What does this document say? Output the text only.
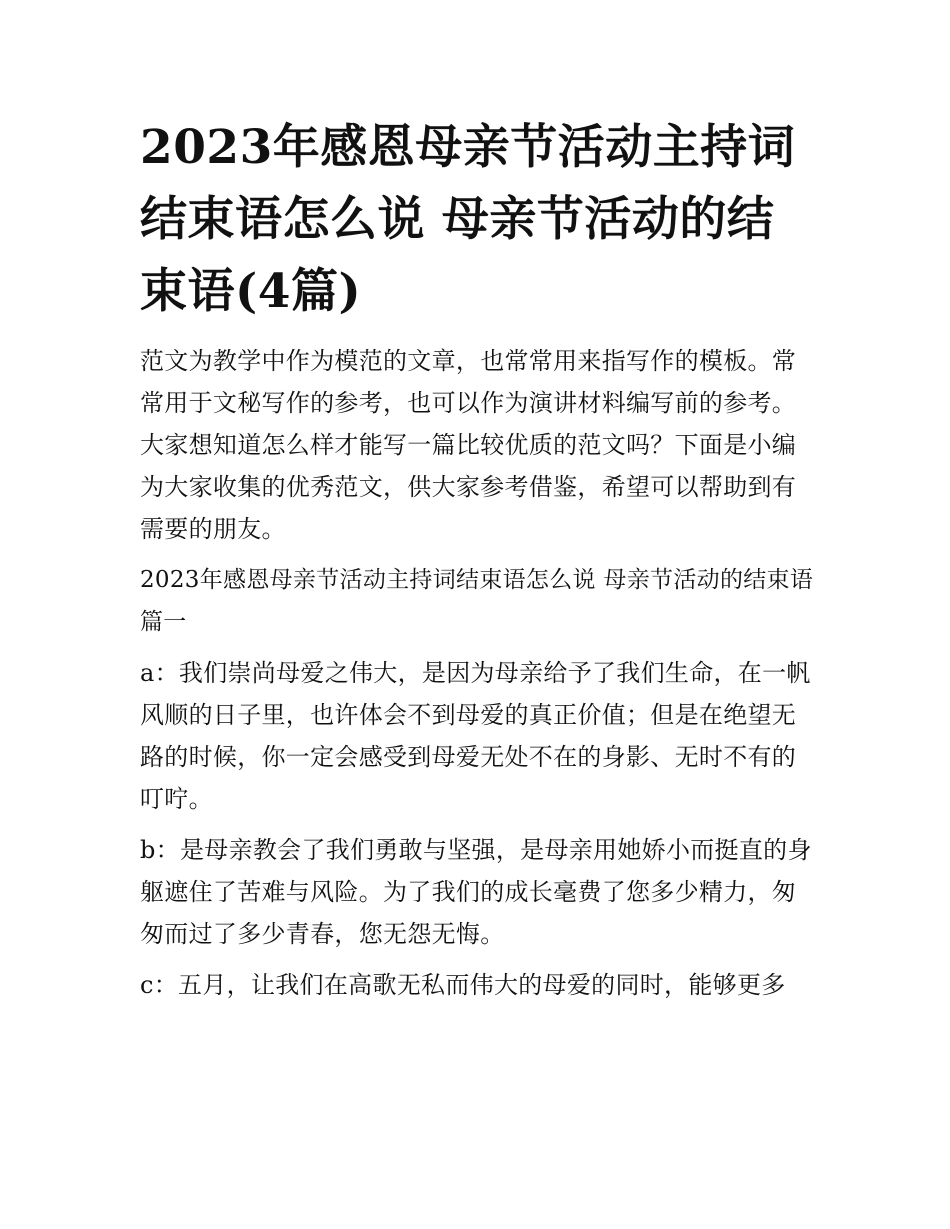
2023年感恩母亲节活动主持词结束语怎么说 母亲节活动的结束语(4篇)

范文为教学中作为模范的文章，也常常用来指写作的模板。常常用于文秘写作的参考，也可以作为演讲材料编写前的参考。大家想知道怎么样才能写一篇比较优质的范文吗？下面是小编为大家收集的优秀范文，供大家参考借鉴，希望可以帮助到有需要的朋友。

2023年感恩母亲节活动主持词结束语怎么说 母亲节活动的结束语篇一

a：我们崇尚母爱之伟大，是因为母亲给予了我们生命，在一帆风顺的日子里，也许体会不到母爱的真正价值；但是在绝望无路的时候，你一定会感受到母爱无处不在的身影、无时不有的叮咛。

b：是母亲教会了我们勇敢与坚强，是母亲用她娇小而挺直的身躯遮住了苦难与风险。为了我们的成长毫费了您多少精力，匆匆而过了多少青春，您无怨无悔。

c：五月，让我们在高歌无私而伟大的母爱的同时，能够更多
